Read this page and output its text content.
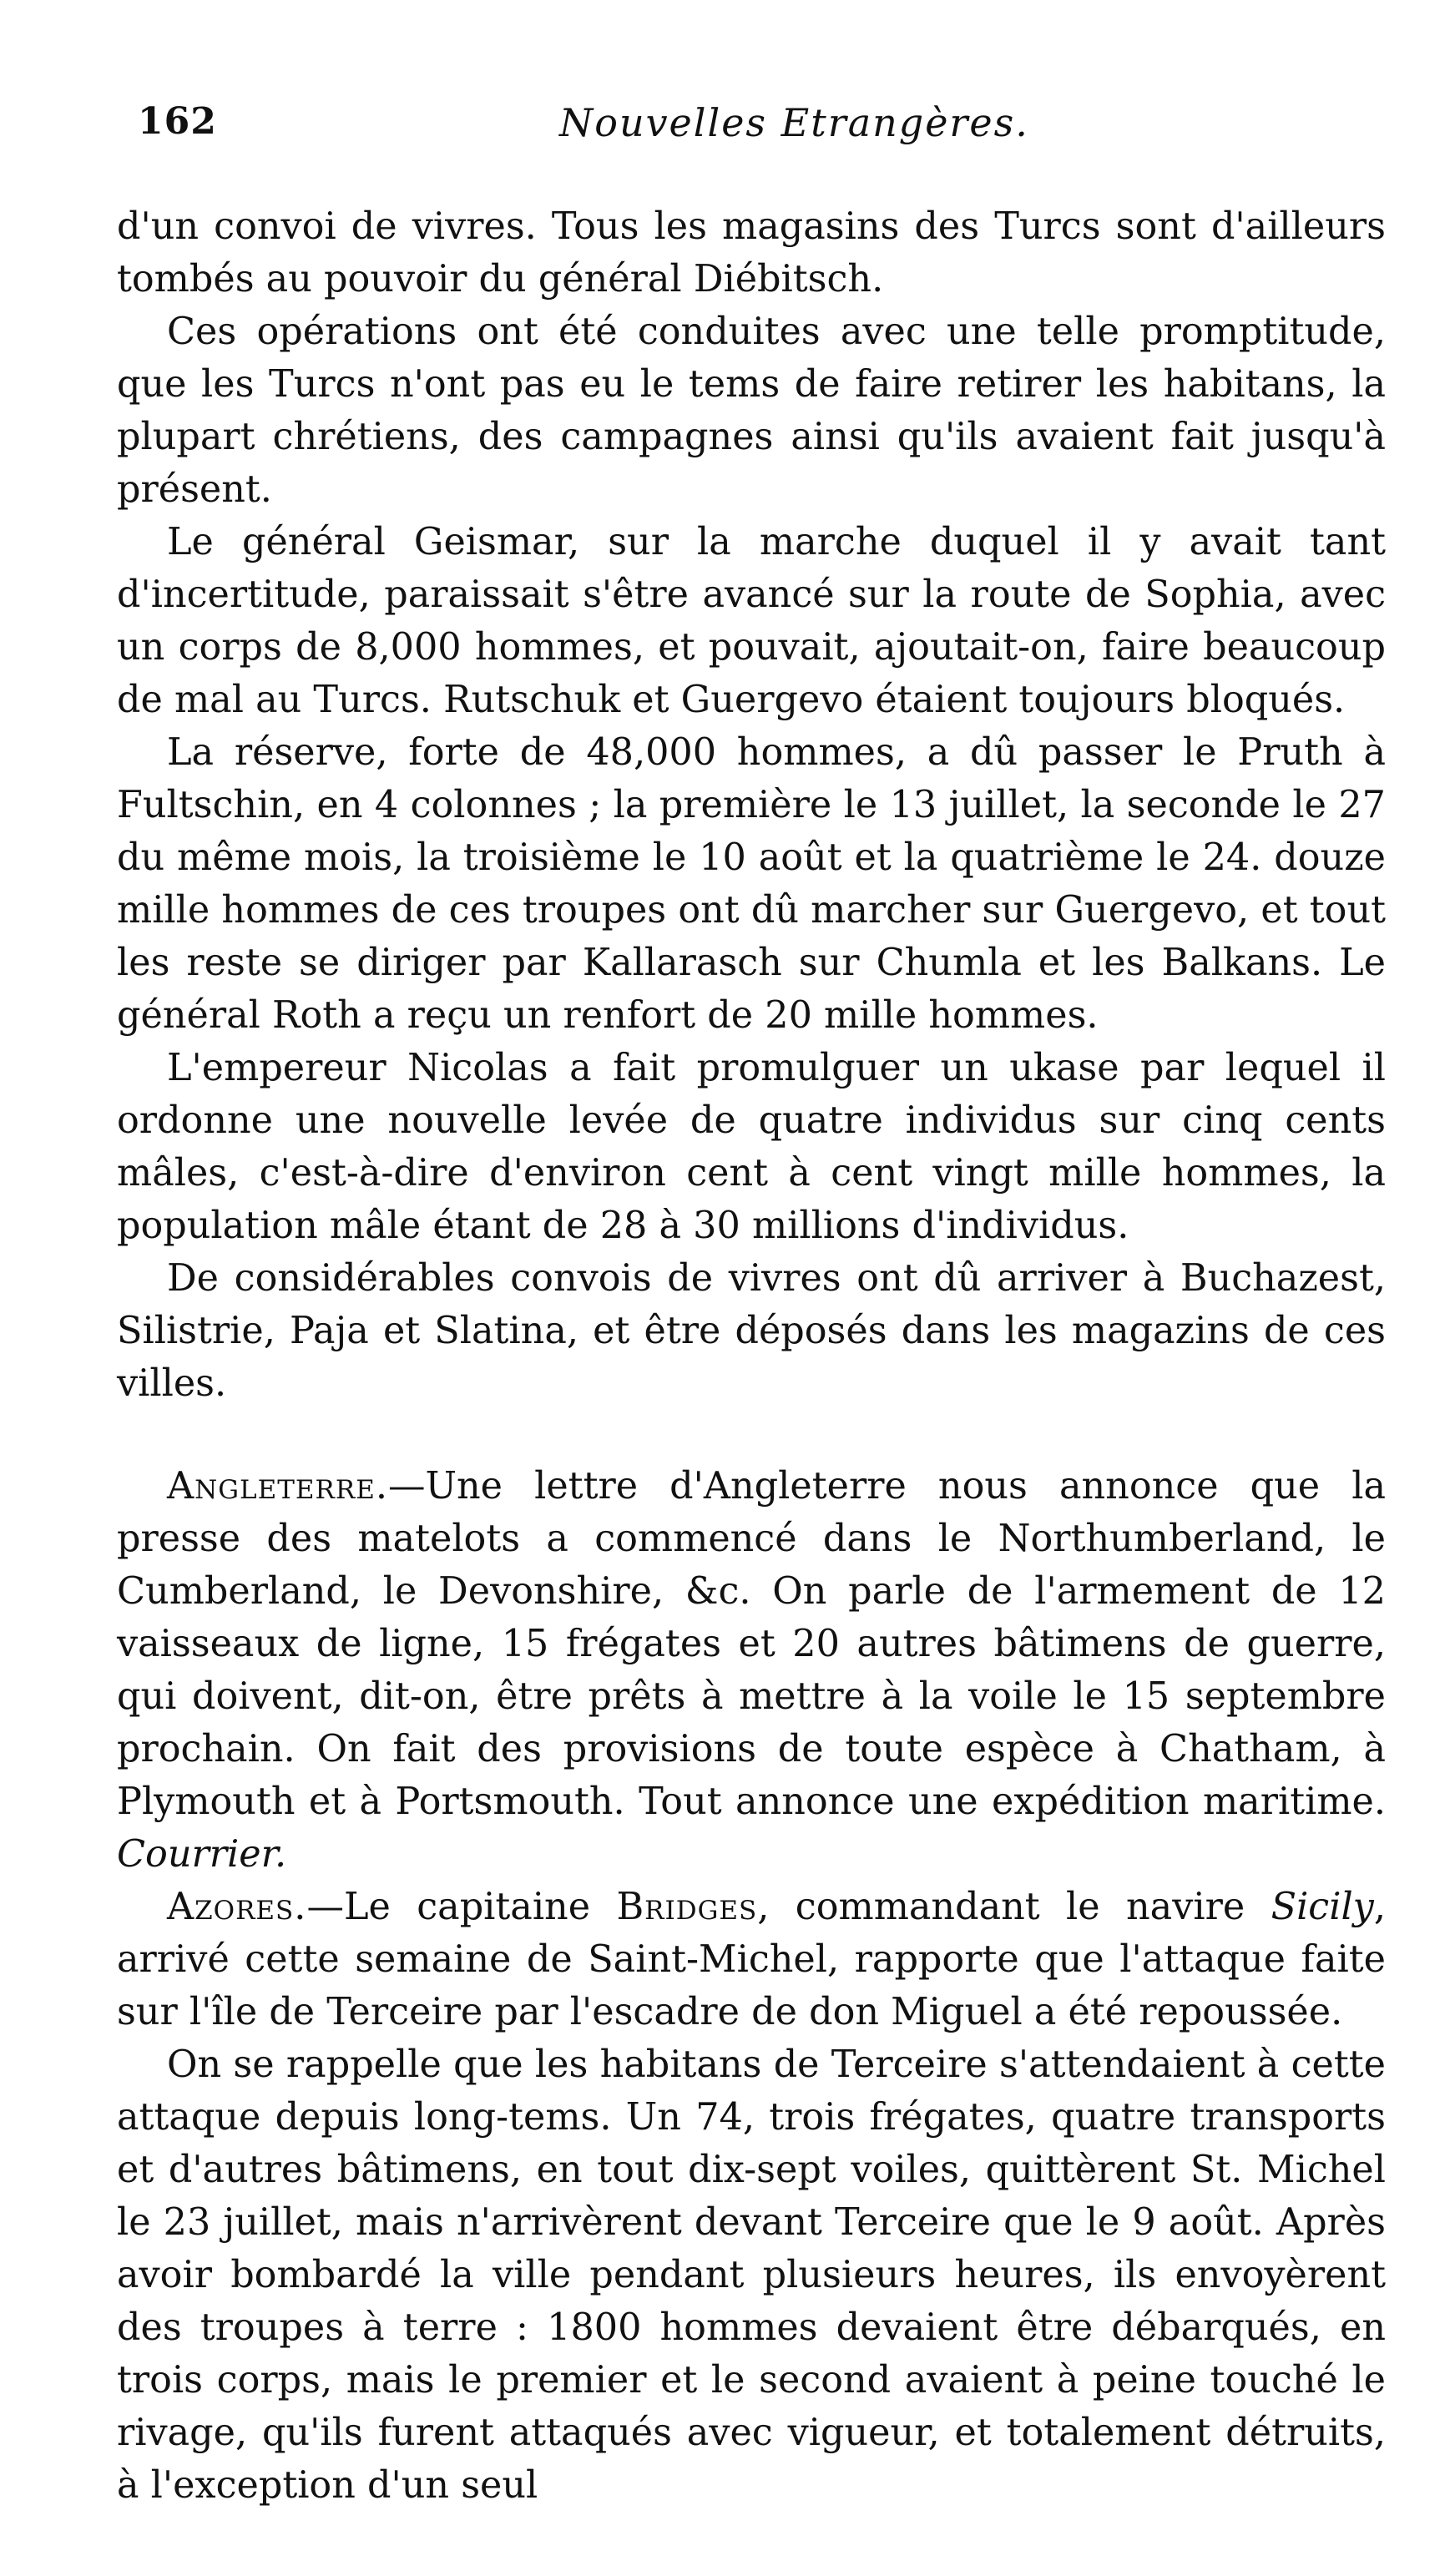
162	Nouvelles Etrangères.

d'un convoi de vivres. Tous les magasins des Turcs sont d'ailleurs tombés au pouvoir du général Diébitsch.

Ces opérations ont été conduites avec une telle promptitude, que les Turcs n'ont pas eu le tems de faire retirer les habitans, la plupart chrétiens, des campagnes ainsi qu'ils avaient fait jusqu'à présent.

Le général Geismar, sur la marche duquel il y avait tant d'incertitude, paraissait s'être avancé sur la route de Sophia, avec un corps de 8,000 hommes, et pouvait, ajoutait-on, faire beaucoup de mal au Turcs. Rutschuk et Guergevo étaient toujours bloqués.

La réserve, forte de 48,000 hommes, a dû passer le Pruth à Fultschin, en 4 colonnes ; la première le 13 juillet, la seconde le 27 du même mois, la troisième le 10 août et la quatrième le 24. douze mille hommes de ces troupes ont dû marcher sur Guergevo, et tout les reste se diriger par Kallarasch sur Chumla et les Balkans. Le général Roth a reçu un renfort de 20 mille hommes.

L'empereur Nicolas a fait promulguer un ukase par lequel il ordonne une nouvelle levée de quatre individus sur cinq cents mâles, c'est-à-dire d'environ cent à cent vingt mille hommes, la population mâle étant de 28 à 30 millions d'individus.

De considérables convois de vivres ont dû arriver à Buchazest, Silistrie, Paja et Slatina, et être déposés dans les magazins de ces villes.

Angleterre.—Une lettre d'Angleterre nous annonce que la presse des matelots a commencé dans le Northumberland, le Cumberland, le Devonshire, &c. On parle de l'armement de 12 vaisseaux de ligne, 15 frégates et 20 autres bâtimens de guerre, qui doivent, dit-on, être prêts à mettre à la voile le 15 septembre prochain. On fait des provisions de toute espèce à Chatham, à Plymouth et à Portsmouth. Tout annonce une expédition maritime. Courrier.

Azores.—Le capitaine Bridges, commandant le navire Sicily, arrivé cette semaine de Saint-Michel, rapporte que l'attaque faite sur l'île de Terceire par l'escadre de don Miguel a été repoussée.

On se rappelle que les habitans de Terceire s'attendaient à cette attaque depuis long-tems. Un 74, trois frégates, quatre transports et d'autres bâtimens, en tout dix-sept voiles, quittèrent St. Michel le 23 juillet, mais n'arrivèrent devant Terceire que le 9 août. Après avoir bombardé la ville pendant plusieurs heures, ils envoyèrent des troupes à terre : 1800 hommes devaient être débarqués, en trois corps, mais le premier et le second avaient à peine touché le rivage, qu'ils furent attaqués avec vigueur, et totalement détruits, à l'exception d'un seul
